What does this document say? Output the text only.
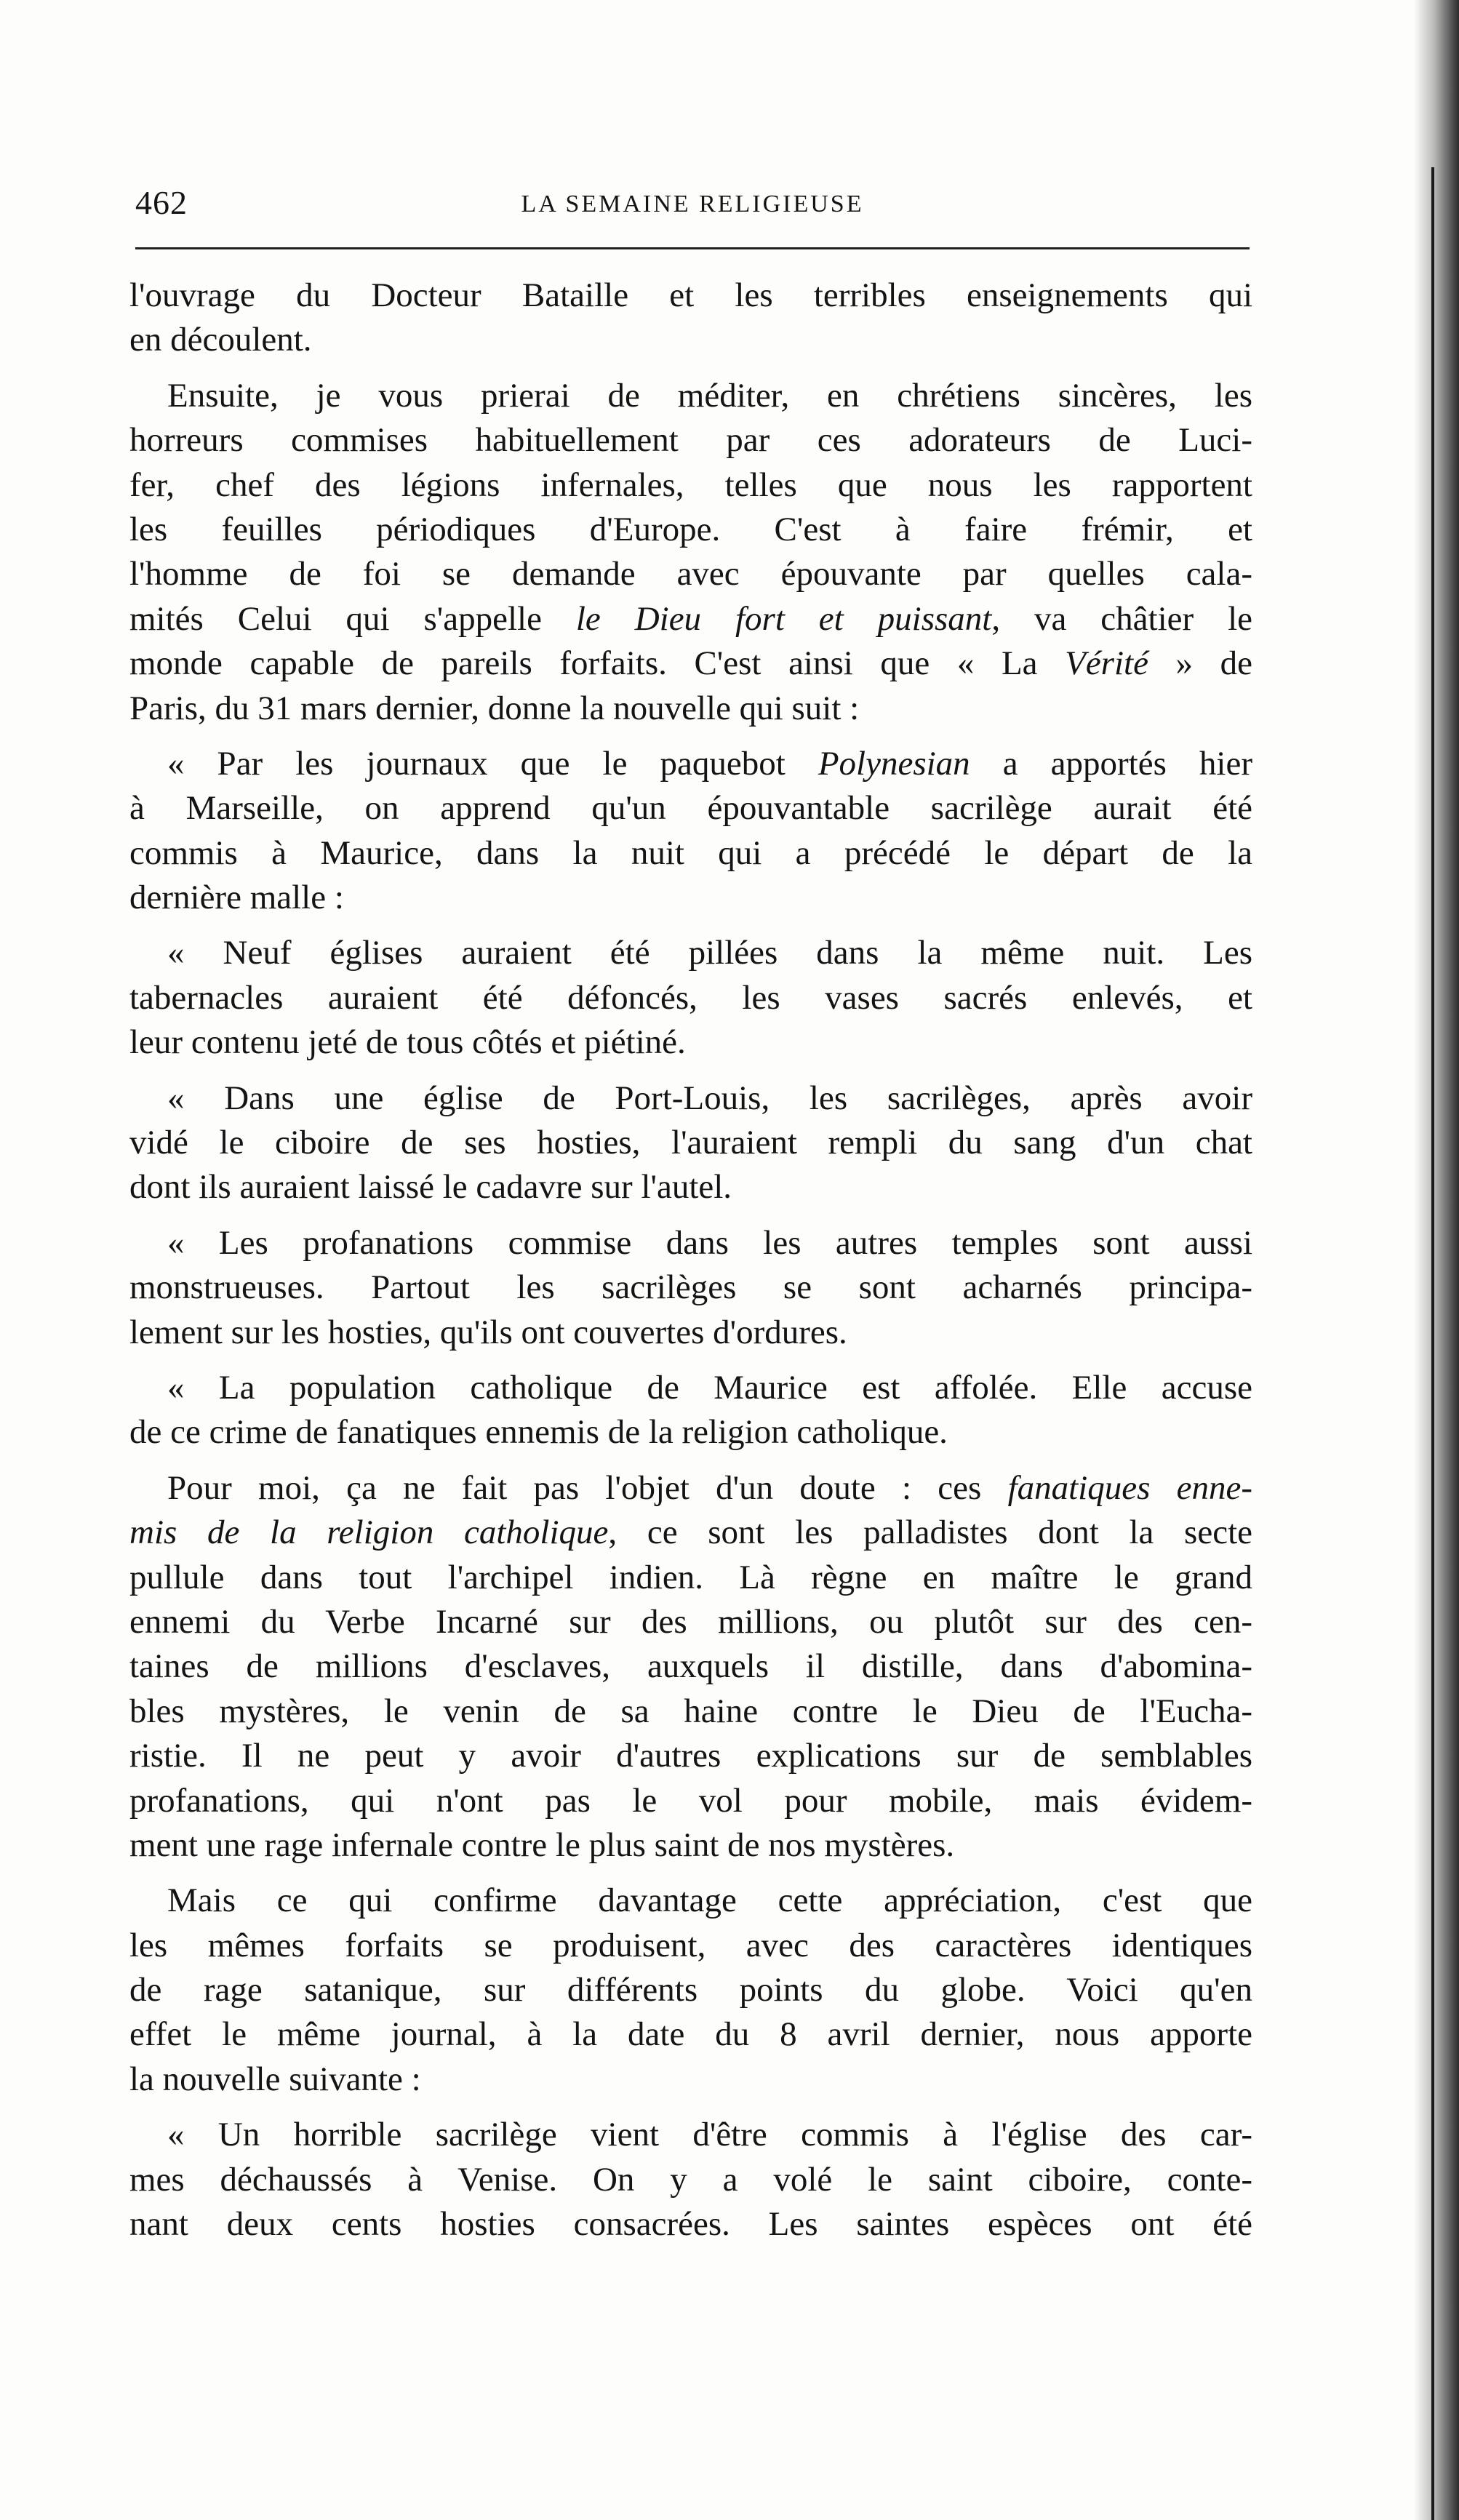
462	LA SEMAINE RELIGIEUSE
l'ouvrage du Docteur Bataille et les terribles enseignements qui
en découlent.
Ensuite, je vous prierai de méditer, en chrétiens sincères, les
horreurs commises habituellement par ces adorateurs de Luci-
fer, chef des légions infernales, telles que nous les rapportent
les feuilles périodiques d'Europe. C'est à faire frémir, et
l'homme de foi se demande avec épouvante par quelles cala-
mités Celui qui s'appelle le Dieu fort et puissant, va châtier le
monde capable de pareils forfaits. C'est ainsi que « La Vérité » de
Paris, du 31 mars dernier, donne la nouvelle qui suit :
« Par les journaux que le paquebot Polynesian a apportés hier
à Marseille, on apprend qu'un épouvantable sacrilège aurait été
commis à Maurice, dans la nuit qui a précédé le départ de la
dernière malle :
« Neuf églises auraient été pillées dans la même nuit. Les
tabernacles auraient été défoncés, les vases sacrés enlevés, et
leur contenu jeté de tous côtés et piétiné.
« Dans une église de Port-Louis, les sacrilèges, après avoir
vidé le ciboire de ses hosties, l'auraient rempli du sang d'un chat
dont ils auraient laissé le cadavre sur l'autel.
« Les profanations commise dans les autres temples sont aussi
monstrueuses. Partout les sacrilèges se sont acharnés principa-
lement sur les hosties, qu'ils ont couvertes d'ordures.
« La population catholique de Maurice est affolée. Elle accuse
de ce crime de fanatiques ennemis de la religion catholique.
Pour moi, ça ne fait pas l'objet d'un doute : ces fanatiques enne-
mis de la religion catholique, ce sont les palladistes dont la secte
pullule dans tout l'archipel indien. Là règne en maître le grand
ennemi du Verbe Incarné sur des millions, ou plutôt sur des cen-
taines de millions d'esclaves, auxquels il distille, dans d'abomina-
bles mystères, le venin de sa haine contre le Dieu de l'Eucha-
ristie. Il ne peut y avoir d'autres explications sur de semblables
profanations, qui n'ont pas le vol pour mobile, mais évidem-
ment une rage infernale contre le plus saint de nos mystères.
Mais ce qui confirme davantage cette appréciation, c'est que
les mêmes forfaits se produisent, avec des caractères identiques
de rage satanique, sur différents points du globe. Voici qu'en
effet le même journal, à la date du 8 avril dernier, nous apporte
la nouvelle suivante :
« Un horrible sacrilège vient d'être commis à l'église des car-
mes déchaussés à Venise. On y a volé le saint ciboire, conte-
nant deux cents hosties consacrées. Les saintes espèces ont été
